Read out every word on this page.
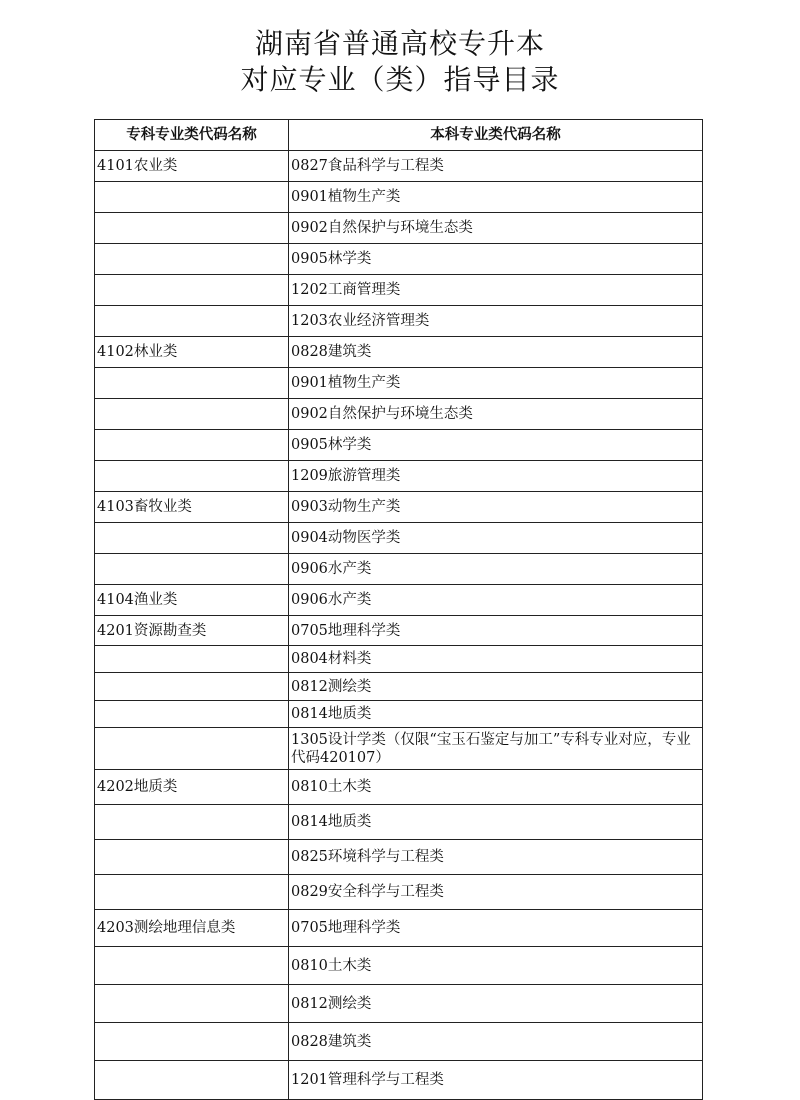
湖南省普通高校专升本
对应专业（类）指导目录
专科专业类代码名称	本科专业类代码名称
4101农业类	0827食品科学与工程类
	0901植物生产类
	0902自然保护与环境生态类
	0905林学类
	1202工商管理类
	1203农业经济管理类
4102林业类	0828建筑类
	0901植物生产类
	0902自然保护与环境生态类
	0905林学类
	1209旅游管理类
4103畜牧业类	0903动物生产类
	0904动物医学类
	0906水产类
4104渔业类	0906水产类
4201资源勘查类	0705地理科学类
	0804材料类
	0812测绘类
	0814地质类
	1305设计学类（仅限“宝玉石鉴定与加工”专科专业对应，专业代码420107）
4202地质类	0810土木类
	0814地质类
	0825环境科学与工程类
	0829安全科学与工程类
4203测绘地理信息类	0705地理科学类
	0810土木类
	0812测绘类
	0828建筑类
	1201管理科学与工程类
